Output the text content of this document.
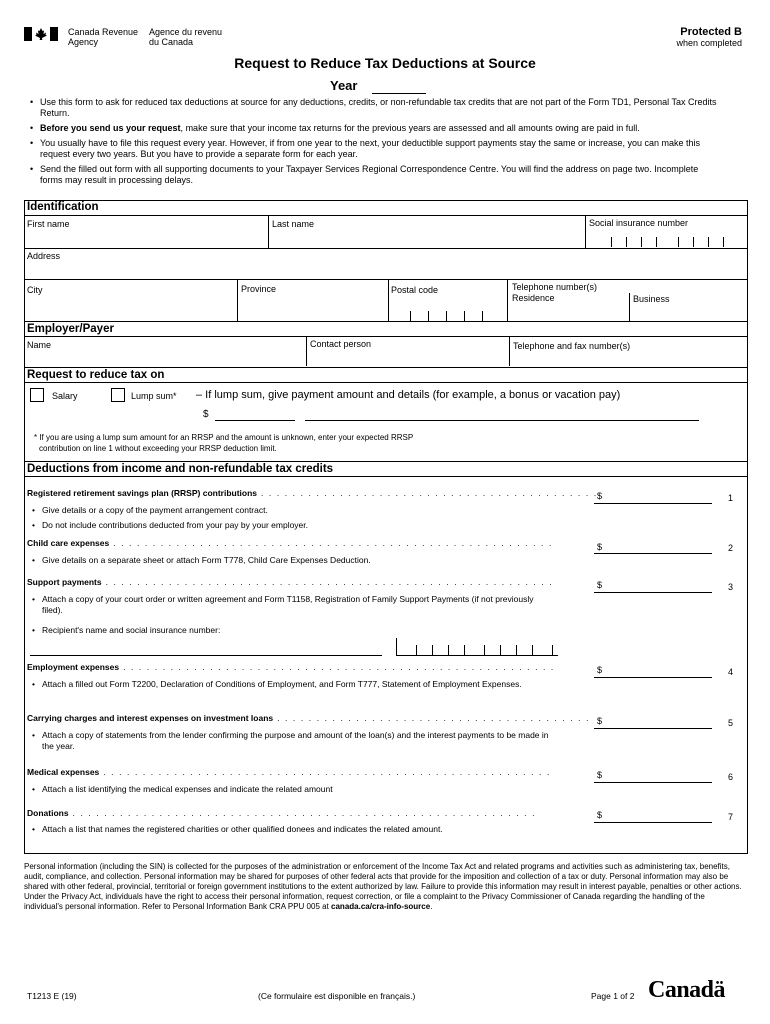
Canada Revenue
Agency
Agence du revenu
du Canada
Protected B
when completed
Request to Reduce Tax Deductions at Source
Year
• Use this form to ask for reduced tax deductions at source for any deductions, credits, or non-refundable tax credits that are not part of the Form TD1, Personal Tax Credits Return.
• Before you send us your request, make sure that your income tax returns for the previous years are assessed and all amounts owing are paid in full.
• You usually have to file this request every year. However, if from one year to the next, your deductible support payments stay the same or increase, you can make this request every two years. But you have to provide a separate form for each year.
• Send the filled out form with all supporting documents to your Taxpayer Services Regional Correspondence Centre. You will find the address on page two. Incomplete forms may result in processing delays.
Identification
First name	Last name	Social insurance number
Address
City	Province	Postal code	Telephone number(s)
Residence	Business
Employer/Payer
Name	Contact person	Telephone and fax number(s)
Request to reduce tax on
Salary	Lump sum* – If lump sum, give payment amount and details (for example, a bonus or vacation pay)
$
* If you are using a lump sum amount for an RRSP and the amount is unknown, enter your expected RRSP
contribution on line 1 without exceeding your RRSP deduction limit.
Deductions from income and non-refundable tax credits
Registered retirement savings plan (RRSP) contributions . . . . . . . . . . . . . . . . . . . . . . . . . . . . . . . . . . . . . . . . . . . $	1
• Give details or a copy of the payment arrangement contract.
• Do not include contributions deducted from your pay by your employer.
Child care expenses . . . . . . . . . . . . . . . . . . . . . . . . . . . . . . . . . . . . . . . . . . . . . . . . . . . . . . . .	$	2
• Give details on a separate sheet or attach Form T778, Child Care Expenses Deduction.
Support payments . . . . . . . . . . . . . . . . . . . . . . . . . . . . . . . . . . . . . . . . . . . . . . . . . . . . . . . . .	$	3
• Attach a copy of your court order or written agreement and Form T1158, Registration of Family Support Payments (if not previously filed).
• Recipient's name and social insurance number:
Employment expenses . . . . . . . . . . . . . . . . . . . . . . . . . . . . . . . . . . . . . . . . . . . . . . . . . . . . . . .	$	4
• Attach a filled out Form T2200, Declaration of Conditions of Employment, and Form T777, Statement of Employment Expenses.
Carrying charges and interest expenses on investment loans . . . . . . . . . . . . . . . . . . . . . . . . . . . . . . . . . . . . . . . . $	5
• Attach a copy of statements from the lender confirming the purpose and amount of the loan(s) and the interest payments to be made in the year.
Medical expenses . . . . . . . . . . . . . . . . . . . . . . . . . . . . . . . . . . . . . . . . . . . . . . . . . . . . . . . . .	$	6
• Attach a list identifying the medical expenses and indicate the related amount
Donations . . . . . . . . . . . . . . . . . . . . . . . . . . . . . . . . . . . . . . . . . . . . . . . . . . . . . . . . . . .	$	7
• Attach a list that names the registered charities or other qualified donees and indicates the related amount.
Personal information (including the SIN) is collected for the purposes of the administration or enforcement of the Income Tax Act and related programs and activities such as administering tax, benefits, audit, compliance, and collection. Personal information may be shared for purposes of other federal acts that provide for the imposition and collection of a tax or duty. Personal information may also be shared with other federal, provincial, territorial or foreign government institutions to the extent authorized by law. Failure to provide this information may result in interest payable, penalties or other actions. Under the Privacy Act, individuals have the right to access their personal information, request correction, or file a complaint to the Privacy Commissioner of Canada regarding the handling of the individual's personal information. Refer to Personal Information Bank CRA PPU 005 at canada.ca/cra-info-source.
T1213 E (19)	(Ce formulaire est disponible en français.)	Page 1 of 2 Canadä
